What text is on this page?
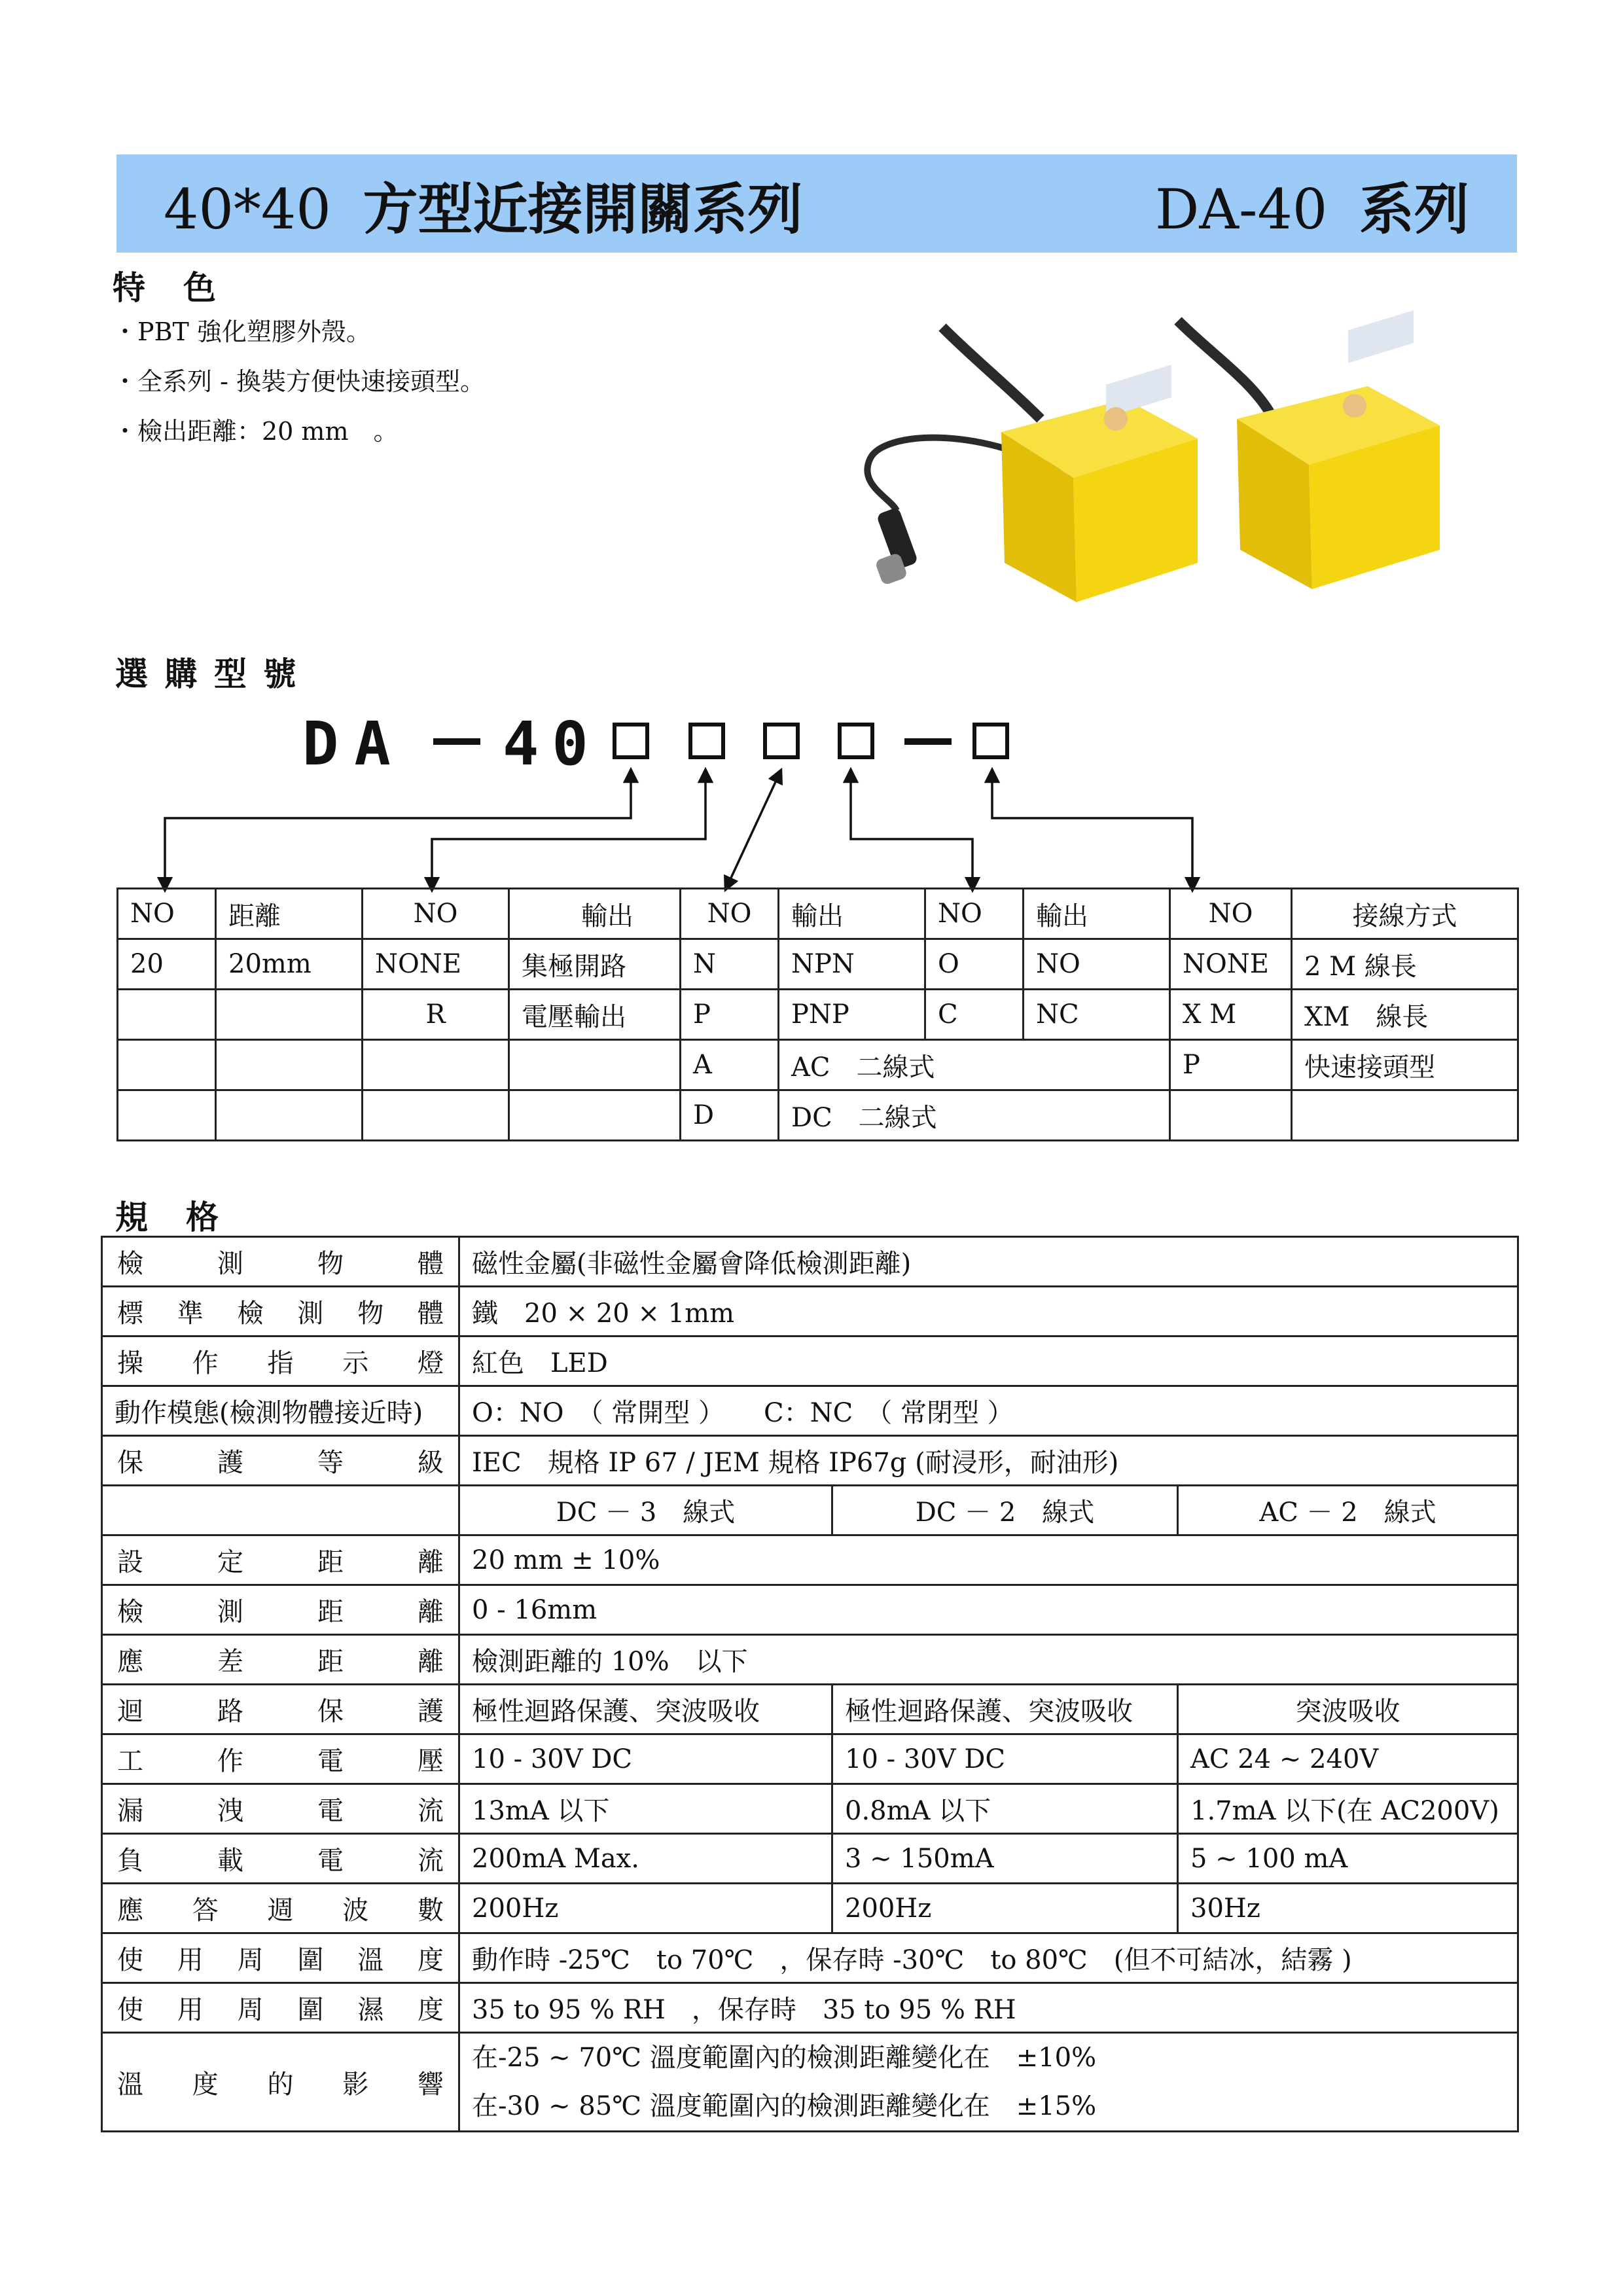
40*40 方型近接開關系列	DA-40 系列
特　色
・PBT 強化塑膠外殼。
・全系列 - 換裝方便快速接頭型。
・檢出距離：20 mm　。
選 購 型 號
DA 40
NO	距離	NO	輸出	NO	輸出	NO	輸出	NO	接線方式
20	20mm	NONE	集極開路	N	NPN	O	NO	NONE	2 M 線長
		R	電壓輸出	P	PNP	C	NC	X M	XM　線長
				A	AC　二線式			P	快速接頭型
				D	DC　二線式				
規　格
檢測物體	磁性金屬(非磁性金屬會降低檢測距離)		
標準檢測物體	鐵　20 × 20 × 1mm		
操作指示燈	紅色　LED		
動作模態(檢測物體接近時)	O：NO　（ 常開型 ）　　C：NC　（ 常閉型 ）		
保護等級	IEC　規格 IP 67 / JEM 規格 IP67g (耐浸形，耐油形)		
	DC － 3　線式	DC － 2　線式	AC － 2　線式
設定距離	20 mm ± 10%		
檢測距離	0 - 16mm		
應差距離	檢測距離的 10%　以下		
迴路保護	極性迴路保護、突波吸收	極性迴路保護、突波吸收	突波吸收
工作電壓	10 - 30V DC	10 - 30V DC	AC 24 ~ 240V
漏洩電流	13mA 以下	0.8mA 以下	1.7mA 以下(在 AC200V)
負載電流	200mA Max.	3 ~ 150mA	5 ~ 100 mA
應答週波數	200Hz	200Hz	30Hz
使用周圍溫度	動作時 -25℃　to 70℃　，保存時 -30℃　to 80℃　(但不可結冰，結霧 )		
使用周圍濕度	35 to 95 % RH　，保存時　35 to 95 % RH		
溫度的影響	在-25 ~ 70℃ 溫度範圍內的檢測距離變化在　±10%
在-30 ~ 85℃ 溫度範圍內的檢測距離變化在　±15%		
